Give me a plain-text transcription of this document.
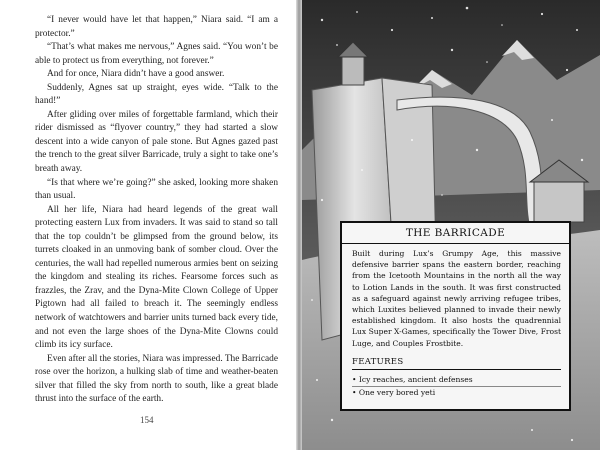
“I never would have let that happen,” Niara said. “I am a protector.”

“That’s what makes me nervous,” Agnes said. “You won’t be able to protect us from everything, not forever.”

And for once, Niara didn’t have a good answer.

Suddenly, Agnes sat up straight, eyes wide. “Talk to the hand!”

After gliding over miles of forgettable farmland, which their rider dismissed as “flyover country,” they had started a slow descent into a wide canyon of pale stone. But Agnes gazed past the trench to the great silver Barricade, truly a sight to take one’s breath away.

“Is that where we’re going?” she asked, looking more shaken than usual.

All her life, Niara had heard legends of the great wall protecting eastern Lux from invaders. It was said to stand so tall that the top couldn’t be glimpsed from the ground below, its turrets cloaked in an unmoving bank of somber cloud. Over the centuries, the wall had repelled numerous armies bent on seizing the kingdom and stealing its riches. Fearsome forces such as frazzles, the Zrav, and the Dyna-Mite Clown College of Upper Pigtown had all failed to breach it. The seemingly endless network of watchtowers and barrier units turned back every tide, and not even the large shoes of the Dyna-Mite Clowns could climb its icy surface.

Even after all the stories, Niara was impressed. The Barricade rose over the horizon, a hulking slab of time and weather-beaten silver that filled the sky from north to south, like a great blade thrust into the surface of the earth.

154
THE BARRICADE
Built during Lux’s Grumpy Age, this massive defensive barrier spans the eastern border, reaching from the Icetooth Mountains in the north all the way to Lotion Lands in the south. It was first constructed as a safeguard against newly arriving refugee tribes, which Luxites believed planned to invade their newly established kingdom. It also hosts the quadrennial Lux Super X-Games, specifically the Tower Dive, Frost Luge, and Couples Frostbite.
FEATURES
• Icy reaches, ancient defenses
• One very bored yeti
